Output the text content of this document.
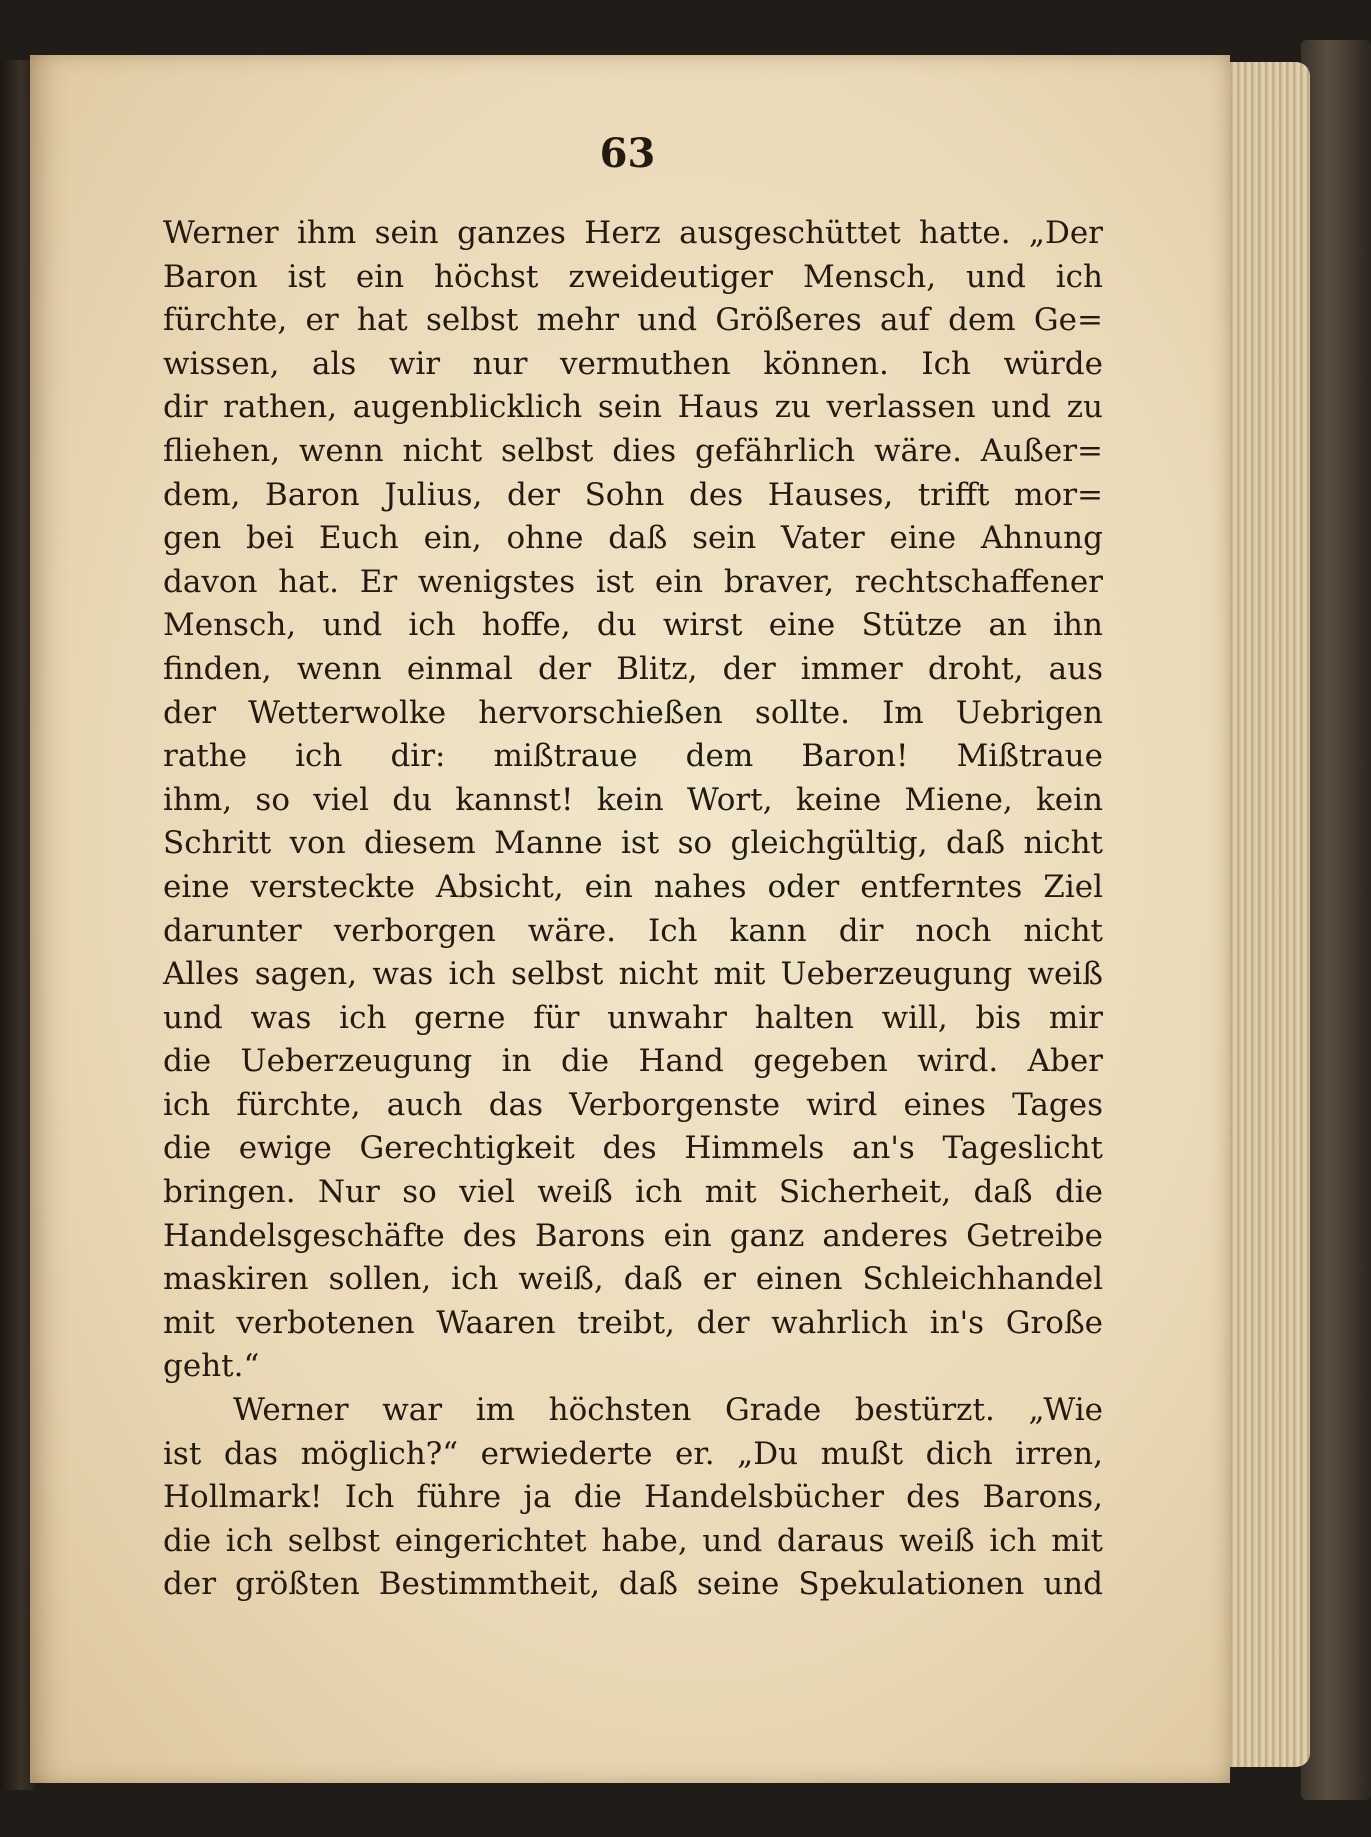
63
Werner ihm sein ganzes Herz ausgeschüttet hatte. „Der
Baron ist ein höchst zweideutiger Mensch, und ich
fürchte, er hat selbst mehr und Größeres auf dem Ge=
wissen, als wir nur vermuthen können. Ich würde
dir rathen, augenblicklich sein Haus zu verlassen und zu
fliehen, wenn nicht selbst dies gefährlich wäre. Außer=
dem, Baron Julius, der Sohn des Hauses, trifft mor=
gen bei Euch ein, ohne daß sein Vater eine Ahnung
davon hat. Er wenigstes ist ein braver, rechtschaffener
Mensch, und ich hoffe, du wirst eine Stütze an ihn
finden, wenn einmal der Blitz, der immer droht, aus
der Wetterwolke hervorschießen sollte. Im Uebrigen
rathe ich dir: mißtraue dem Baron! Mißtraue
ihm, so viel du kannst! kein Wort, keine Miene, kein
Schritt von diesem Manne ist so gleichgültig, daß nicht
eine versteckte Absicht, ein nahes oder entferntes Ziel
darunter verborgen wäre. Ich kann dir noch nicht
Alles sagen, was ich selbst nicht mit Ueberzeugung weiß
und was ich gerne für unwahr halten will, bis mir
die Ueberzeugung in die Hand gegeben wird. Aber
ich fürchte, auch das Verborgenste wird eines Tages
die ewige Gerechtigkeit des Himmels an's Tageslicht
bringen. Nur so viel weiß ich mit Sicherheit, daß die
Handelsgeschäfte des Barons ein ganz anderes Getreibe
maskiren sollen, ich weiß, daß er einen Schleichhandel
mit verbotenen Waaren treibt, der wahrlich in's Große
geht.“
Werner war im höchsten Grade bestürzt. „Wie
ist das möglich?“ erwiederte er. „Du mußt dich irren,
Hollmark! Ich führe ja die Handelsbücher des Barons,
die ich selbst eingerichtet habe, und daraus weiß ich mit
der größten Bestimmtheit, daß seine Spekulationen und
